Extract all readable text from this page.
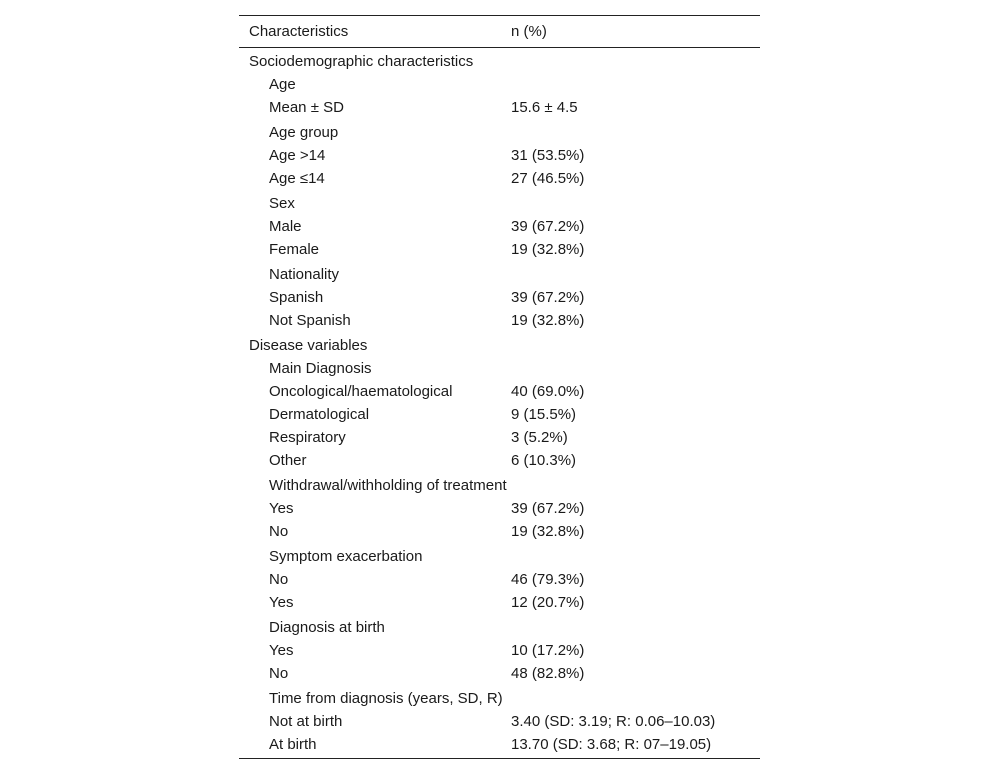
Characteristics	n (%)
Sociodemographic characteristics
Age
Mean ± SD	15.6 ± 4.5
Age group
Age >14	31 (53.5%)
Age ≤14	27 (46.5%)
Sex
Male	39 (67.2%)
Female	19 (32.8%)
Nationality
Spanish	39 (67.2%)
Not Spanish	19 (32.8%)
Disease variables
Main Diagnosis
Oncological/haematological	40 (69.0%)
Dermatological	9 (15.5%)
Respiratory	3 (5.2%)
Other	6 (10.3%)
Withdrawal/withholding of treatment
Yes	39 (67.2%)
No	19 (32.8%)
Symptom exacerbation
No	46 (79.3%)
Yes	12 (20.7%)
Diagnosis at birth
Yes	10 (17.2%)
No	48 (82.8%)
Time from diagnosis (years, SD, R)
Not at birth	3.40 (SD: 3.19; R: 0.06–10.03)
At birth	13.70 (SD: 3.68; R: 07–19.05)
